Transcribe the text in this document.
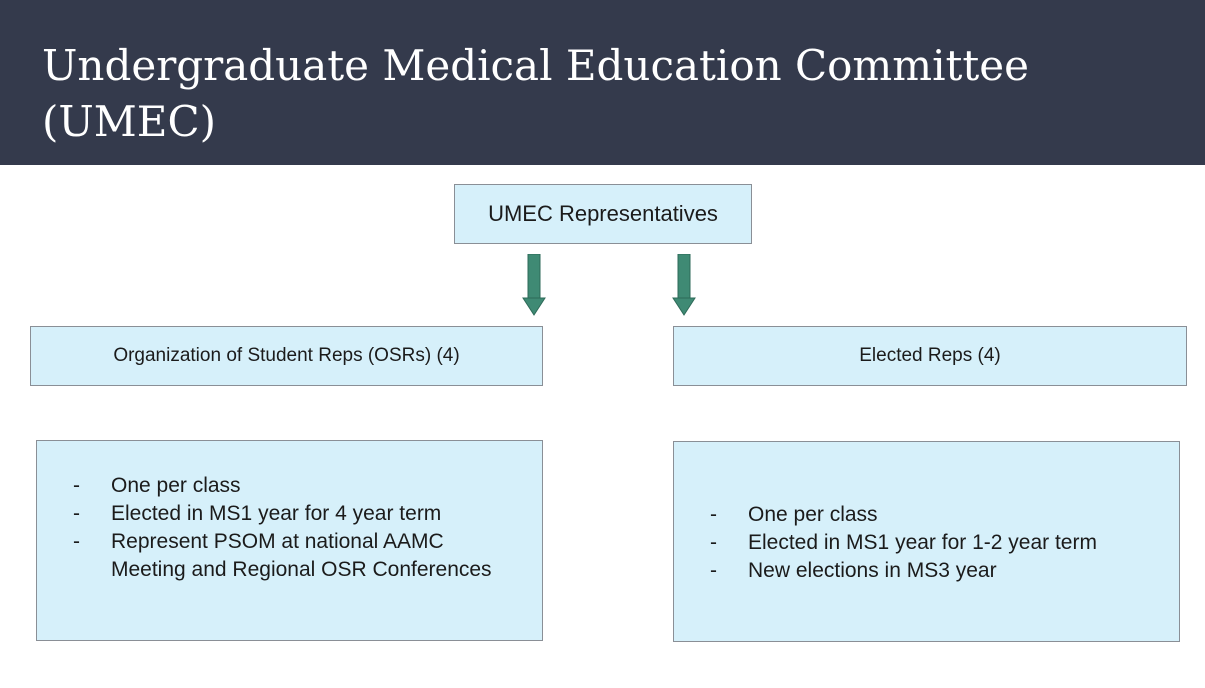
Undergraduate Medical Education Committee (UMEC)
UMEC Representatives
Organization of Student Reps (OSRs) (4)	Elected Reps (4)
- One per class
- Elected in MS1 year for 4 year term
- Represent PSOM at national AAMC Meeting and Regional OSR Conferences
- One per class
- Elected in MS1 year for 1-2 year term
- New elections in MS3 year
